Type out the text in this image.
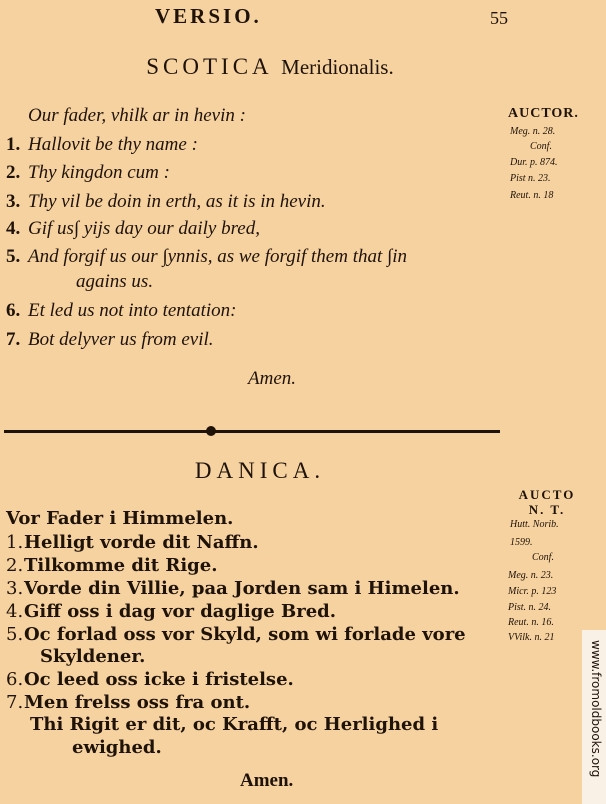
VERSIO.	55
SCOTICA Meridionalis.
Our fader, vhilk ar in hevin :
1. Hallovit be thy name :
2. Thy kingdon cum :
3. Thy vil be doin in erth, as it is in hevin.
4. Gif us∫ yijs day our daily bred,
5. And forgif us our ∫ynnis, as we forgif them that ∫in
agains us.
6. Et led us not into tentation:
7. Bot delyver us from evil.
Amen.
AUCTOR.
Meg. n. 28.
Conf.
Dur. p. 874.
Pist n. 23.
Reut. n. 18
DANICA.
Vor Fader i Himmelen.
1.Helligt vorde dit Naffn.
2.Tilkomme dit Rige.
3.Vorde din Villie, paa Jorden sam i Himelen.
4.Giff oss i dag vor daglige Bred.
5.Oc forlad oss vor Skyld, som wi forlade vore
Skyldener.
6.Oc leed oss icke i fristelse.
7.Men frelss oss fra ont.
Thi Rigit er dit, oc Krafft, oc Herlighed i
ewighed.
Amen.
AUCTO
N. T.
Hutt. Norib.
1599.
Conf.
Meg. n. 23.
Micr. p. 123
Pist. n. 24.
Reut. n. 16.
VVilk. n. 21
www.fromoldbooks.org
